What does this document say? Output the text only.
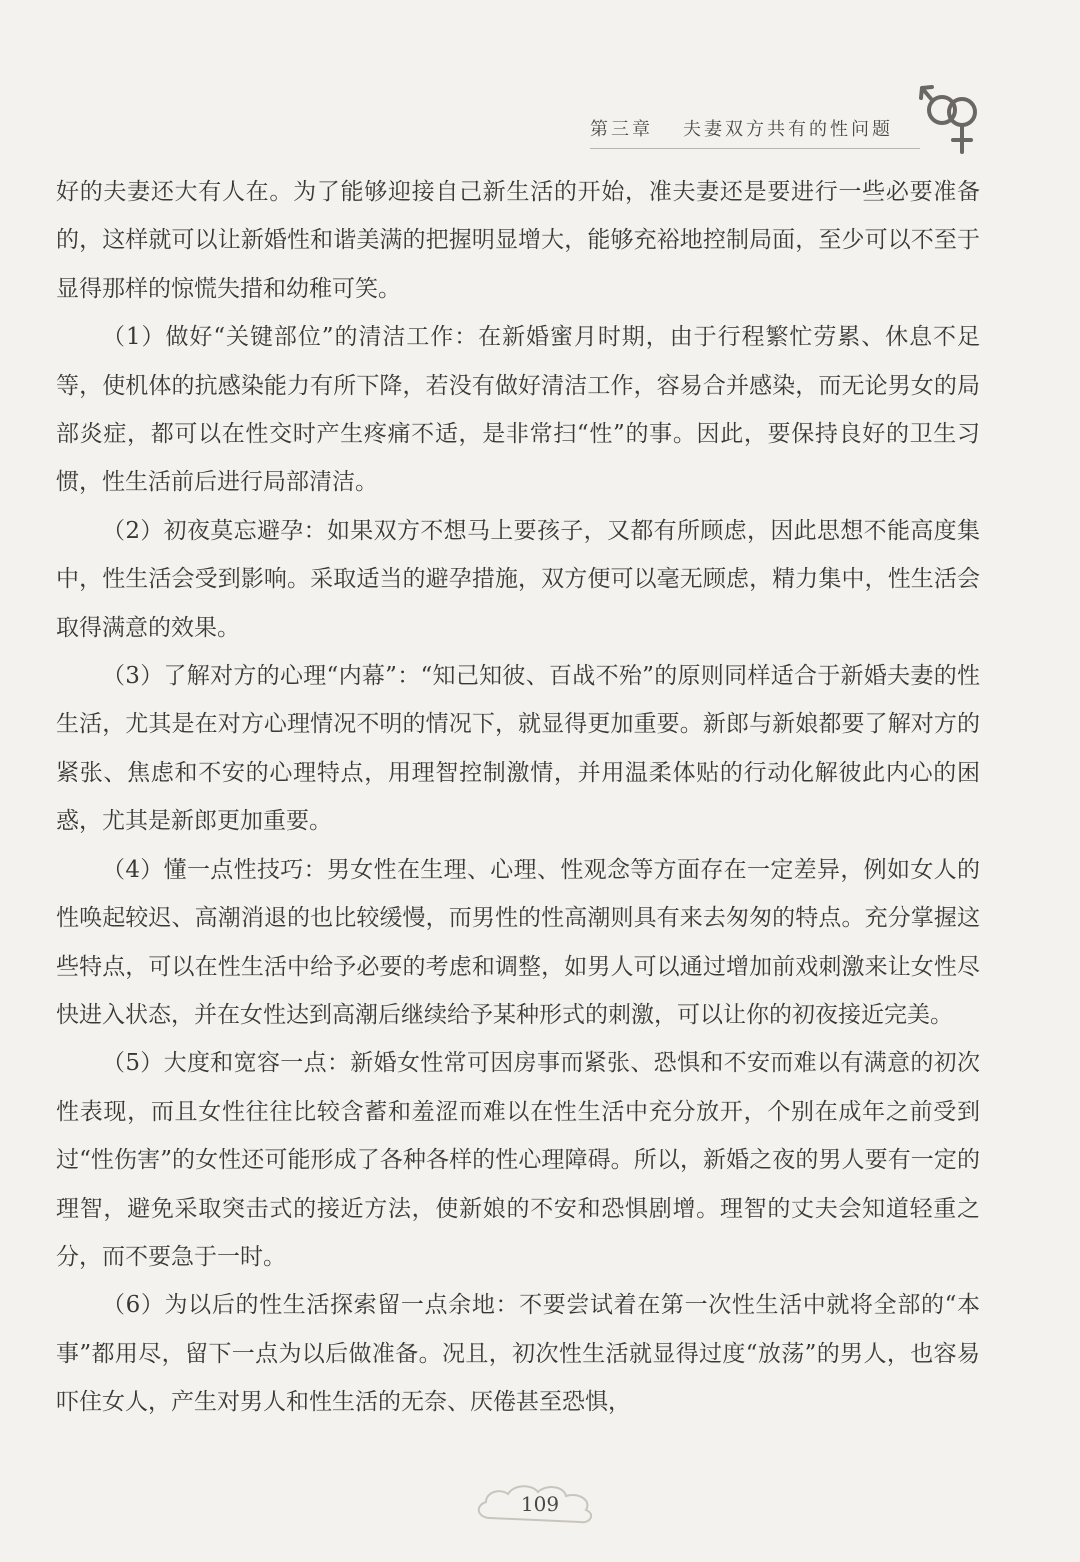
第三章 夫妻双方共有的性问题

好的夫妻还大有人在。为了能够迎接自己新生活的开始，准夫妻还是要进行一些必要准备的，这样就可以让新婚性和谐美满的把握明显增大，能够充裕地控制局面，至少可以不至于显得那样的惊慌失措和幼稚可笑。

（1）做好“关键部位”的清洁工作：在新婚蜜月时期，由于行程繁忙劳累、休息不足等，使机体的抗感染能力有所下降，若没有做好清洁工作，容易合并感染，而无论男女的局部炎症，都可以在性交时产生疼痛不适，是非常扫“性”的事。因此，要保持良好的卫生习惯，性生活前后进行局部清洁。

（2）初夜莫忘避孕：如果双方不想马上要孩子，又都有所顾虑，因此思想不能高度集中，性生活会受到影响。采取适当的避孕措施，双方便可以毫无顾虑，精力集中，性生活会取得满意的效果。

（3）了解对方的心理“内幕”：“知己知彼、百战不殆”的原则同样适合于新婚夫妻的性生活，尤其是在对方心理情况不明的情况下，就显得更加重要。新郎与新娘都要了解对方的紧张、焦虑和不安的心理特点，用理智控制激情，并用温柔体贴的行动化解彼此内心的困惑，尤其是新郎更加重要。

（4）懂一点性技巧：男女性在生理、心理、性观念等方面存在一定差异，例如女人的性唤起较迟、高潮消退的也比较缓慢，而男性的性高潮则具有来去匆匆的特点。充分掌握这些特点，可以在性生活中给予必要的考虑和调整，如男人可以通过增加前戏刺激来让女性尽快进入状态，并在女性达到高潮后继续给予某种形式的刺激，可以让你的初夜接近完美。

（5）大度和宽容一点：新婚女性常可因房事而紧张、恐惧和不安而难以有满意的初次性表现，而且女性往往比较含蓄和羞涩而难以在性生活中充分放开，个别在成年之前受到过“性伤害”的女性还可能形成了各种各样的性心理障碍。所以，新婚之夜的男人要有一定的理智，避免采取突击式的接近方法，使新娘的不安和恐惧剧增。理智的丈夫会知道轻重之分，而不要急于一时。

（6）为以后的性生活探索留一点余地：不要尝试着在第一次性生活中就将全部的“本事”都用尽，留下一点为以后做准备。况且，初次性生活就显得过度“放荡”的男人，也容易吓住女人，产生对男人和性生活的无奈、厌倦甚至恐惧，

109
